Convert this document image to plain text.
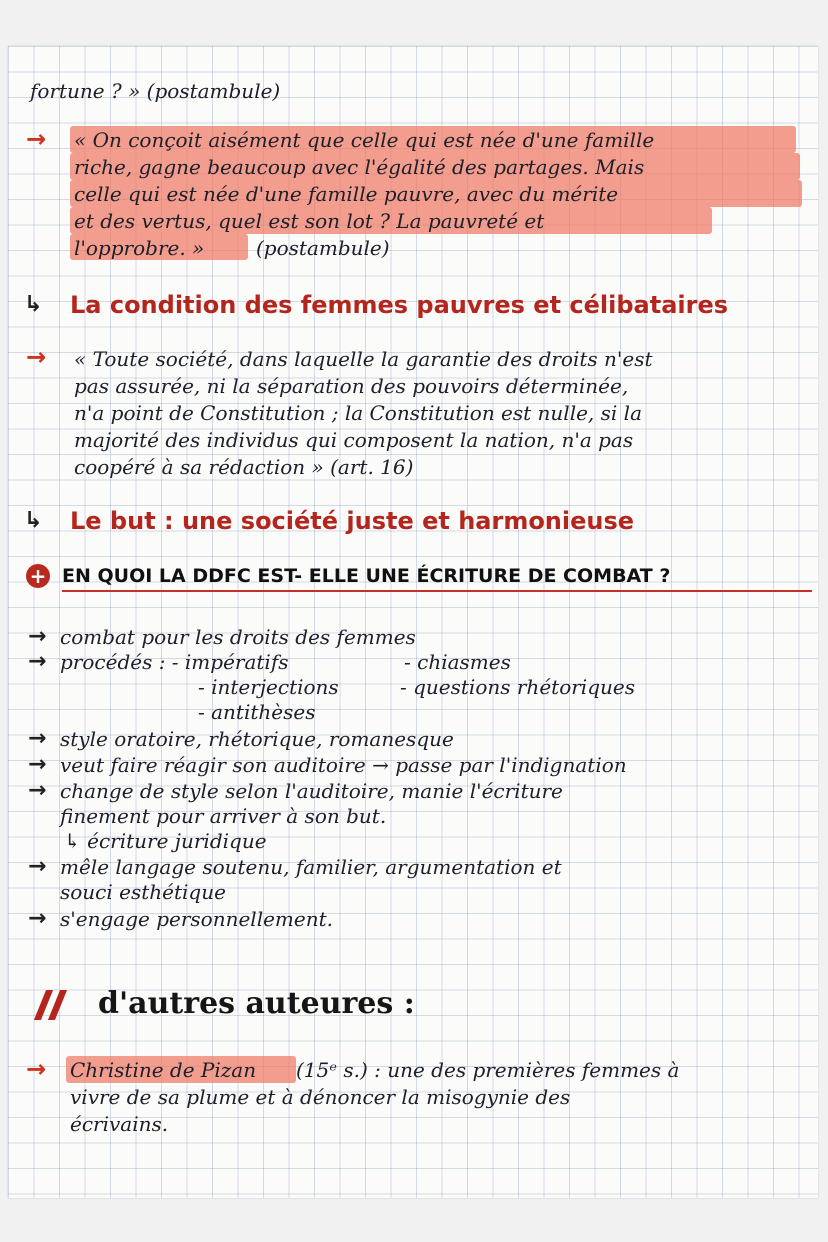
fortune ? » (postambule)

→ « On conçoit aisément que celle qui est née d'une famille

riche, gagne beaucoup avec l'égalité des partages. Mais

celle qui est née d'une famille pauvre, avec du mérite

et des vertus, quel est son lot ? La pauvreté et

l'opprobre. »	(postambule)

↳ La condition des femmes pauvres et célibataires

→ « Toute société, dans laquelle la garantie des droits n'est

pas assurée, ni la séparation des pouvoirs déterminée,

n'a point de Constitution ; la Constitution est nulle, si la

majorité des individus qui composent la nation, n'a pas

coopéré à sa rédaction » (art. 16)

↳ Le but : une société juste et harmonieuse

+ EN QUOI LA DDFC EST- ELLE UNE ÉCRITURE DE COMBAT ?

→ combat pour les droits des femmes

→ procédés : - impératifs	- chiasmes

- interjections	- questions rhétoriques

- antithèses

→ style oratoire, rhétorique, romanesque

→ veut faire réagir son auditoire → passe par l'indignation

→ change de style selon l'auditoire, manie l'écriture

finement pour arriver à son but.

↳ écriture juridique

→ mêle langage soutenu, familier, argumentation et

souci esthétique

→ s'engage personnellement.

d'autres auteures :

→ Christine de Pizan (15ᵉ s.) : une des premières femmes à

vivre de sa plume et à dénoncer la misogynie des

écrivains.
